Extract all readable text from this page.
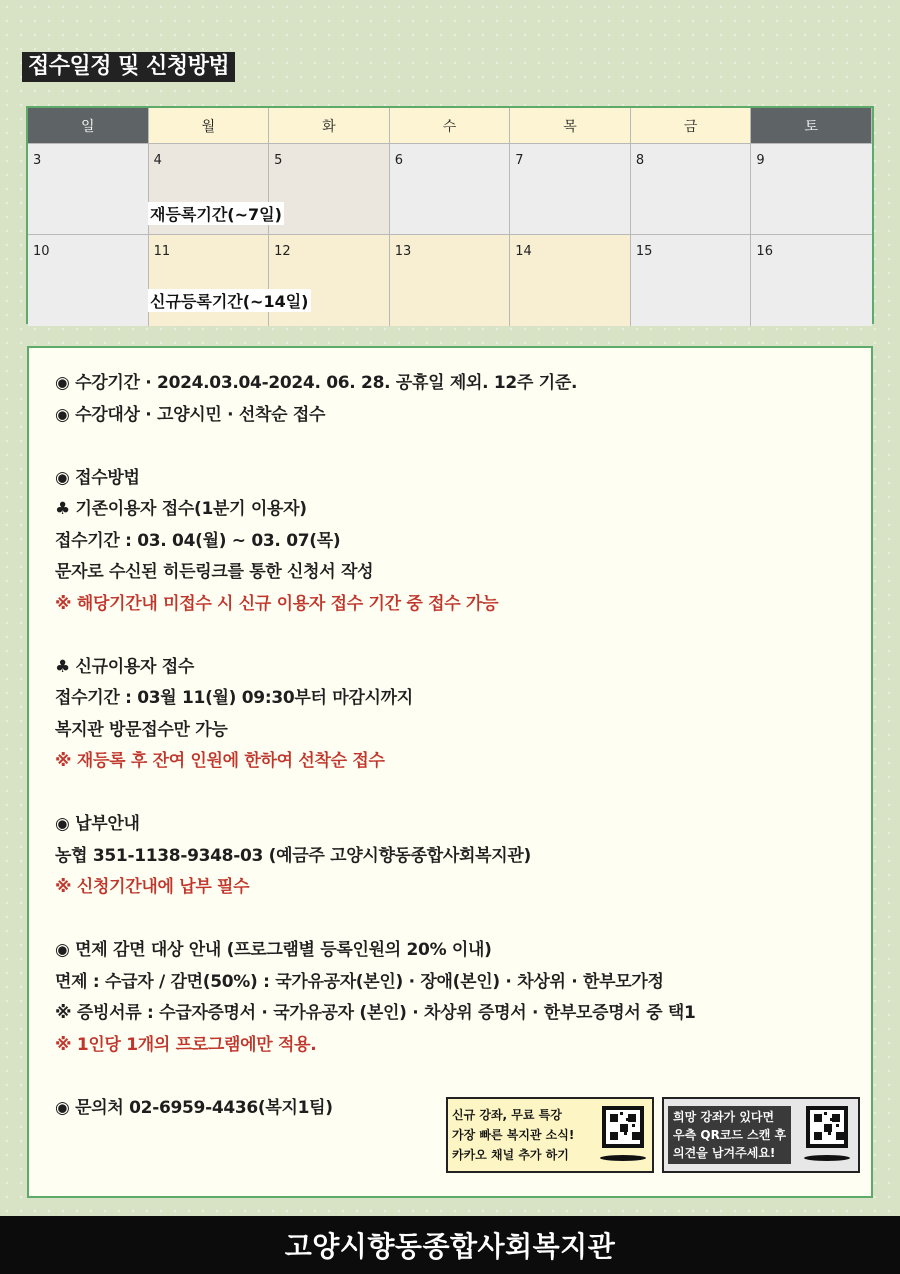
접수일정 및 신청방법
일	월	화	수	목	금	토
3	4	5	6	7	8	9
10	11	12	13	14	15	16
재등록기간(~7일)
신규등록기간(~14일)
◉ 수강기간 · 2024.03.04-2024. 06. 28. 공휴일 제외. 12주 기준.
◉ 수강대상 · 고양시민 · 선착순 접수
◉ 접수방법
♣ 기존이용자 접수(1분기 이용자)
접수기간 : 03. 04(월) ~ 03. 07(목)
문자로 수신된 히든링크를 통한 신청서 작성
※ 해당기간내 미접수 시 신규 이용자 접수 기간 중 접수 가능
♣ 신규이용자 접수
접수기간 : 03월 11(월) 09:30부터 마감시까지
복지관 방문접수만 가능
※ 재등록 후 잔여 인원에 한하여 선착순 접수
◉ 납부안내
농협 351-1138-9348-03 (예금주 고양시향동종합사회복지관)
※ 신청기간내에 납부 필수
◉ 면제 감면 대상 안내 (프로그램별 등록인원의 20% 이내)
면제 : 수급자 / 감면(50%) : 국가유공자(본인) · 장애(본인) · 차상위 · 한부모가정
※ 증빙서류 : 수급자증명서 · 국가유공자 (본인) · 차상위 증명서 · 한부모증명서 중 택1
※ 1인당 1개의 프로그램에만 적용.
◉ 문의처 02-6959-4436(복지1팀)	신규 강좌, 무료 특강
가장 빠른 복지관 소식!
카카오 채널 추가 하기
희망 강좌가 있다면
우측 QR코드 스캔 후
의견을 남겨주세요!
고양시향동종합사회복지관
